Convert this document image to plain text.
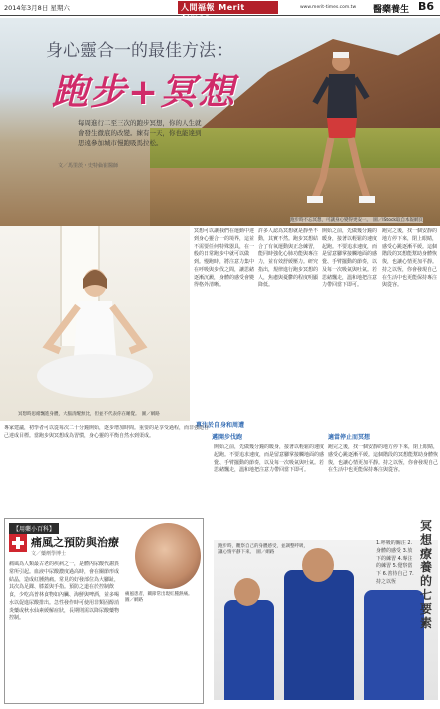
2014年3月8日 星期六	人間福報 Merit	www.merit-times.com.tw 醫藥養生 B6
身心靈合一的最佳方法：
跑步+冥想

每周進行二至三次的跑步冥想，你的人生就會發生徹底的改變。練有一天，你也能達到思遠參加城市慢跑吸馬拉松。

文／馬里茨・史特倫崔醫師
跑步時不忘冥想，可讓身心變得更安一。　圖／IStock取自本報網頁
冥想時思緒飄進身體，大腦清醒無比，但並不代表你在睡覺。　圖／網路
冥想可以讓我們在運動中達到身心靈合一的境界，這並不需要任何特殊器具，在一般的日常跑步中就可以做到。慢跑時，將注意力集中在呼吸與步伐之間，讓思緒逐漸沉澱，身體的感受會變得格外清晰。
許多人認為冥想就是靜坐不動，其實不然。跑步冥想結合了有氧運動與正念練習，能同時強化心肺功能與專注力，並有效舒緩壓力。研究指出，規律進行跑步冥想的人，焦慮與憂鬱的程度明顯降低。
開始之前，先做幾分鐘的暖身，接著以輕鬆的速度起跑。不要追求速度，而是留意腳掌接觸地面的感覺、手臂擺動的節奏，以及每一次吸氣與吐氣。若思緒飄走，溫和地把注意力帶回當下即可。
跑完之後，找一個安靜的地方停下來，閉上眼睛，感受心跳逐漸平緩。這個階段的冥想能幫助身體恢復，也讓心情更加平靜。持之以恆，你會發現自己在生活中也更能保持專注與從容。
專注於自身和周遭
專家建議，初學者可以從每次二十分鐘開始，逐步增加時間。重要的是享受過程，而非強迫自己達成目標。當跑步與冥想成為習慣，身心靈的平衡自然水到渠成。	邁開步伐跑
開始之前，先做幾分鐘的暖身，接著以輕鬆的速度起跑。不要追求速度，而是留意腳掌接觸地面的感覺、手臂擺動的節奏，以及每一次吸氣與吐氣。若思緒飄走，溫和地把注意力帶回當下即可。
適當停止而冥想
跑完之後，找一個安靜的地方停下來，閉上眼睛，感受心跳逐漸平緩。這個階段的冥想能幫助身體恢復，也讓心情更加平靜。持之以恆，你會發現自己在生活中也更能保持專注與從容。
【用藥小百科】
痛風之預防與治療
文／藥劑學博士
痛風患者，關節常出現紅腫熱痛。　圖／網路
痛風為人類最古老的疾病之一，是體內尿酸代謝異常所引起。血液中尿酸濃度過高時，會在關節形成結晶，造成紅腫熱痛。常見的好發部位為大腳趾，其次為足踝、膝蓋與手指。預防之道在於控制飲食，少吃高普林食物如內臟、海鮮與啤酒，並多喝水以促進尿酸排出。急性發作時可使用非類固醇消炎藥或秋水仙素緩解症狀，長期則需以降尿酸藥物控制。
跑步時，觀察自己的身體感受，並調整呼吸，讓心情平靜下來。　圖／網路
冥想療養的七要素
1.呼吸的關注 2.身體的感受 3.放下的練習 4.專注的練習 5.覺察當下 6.善待自己 7.持之以恆
